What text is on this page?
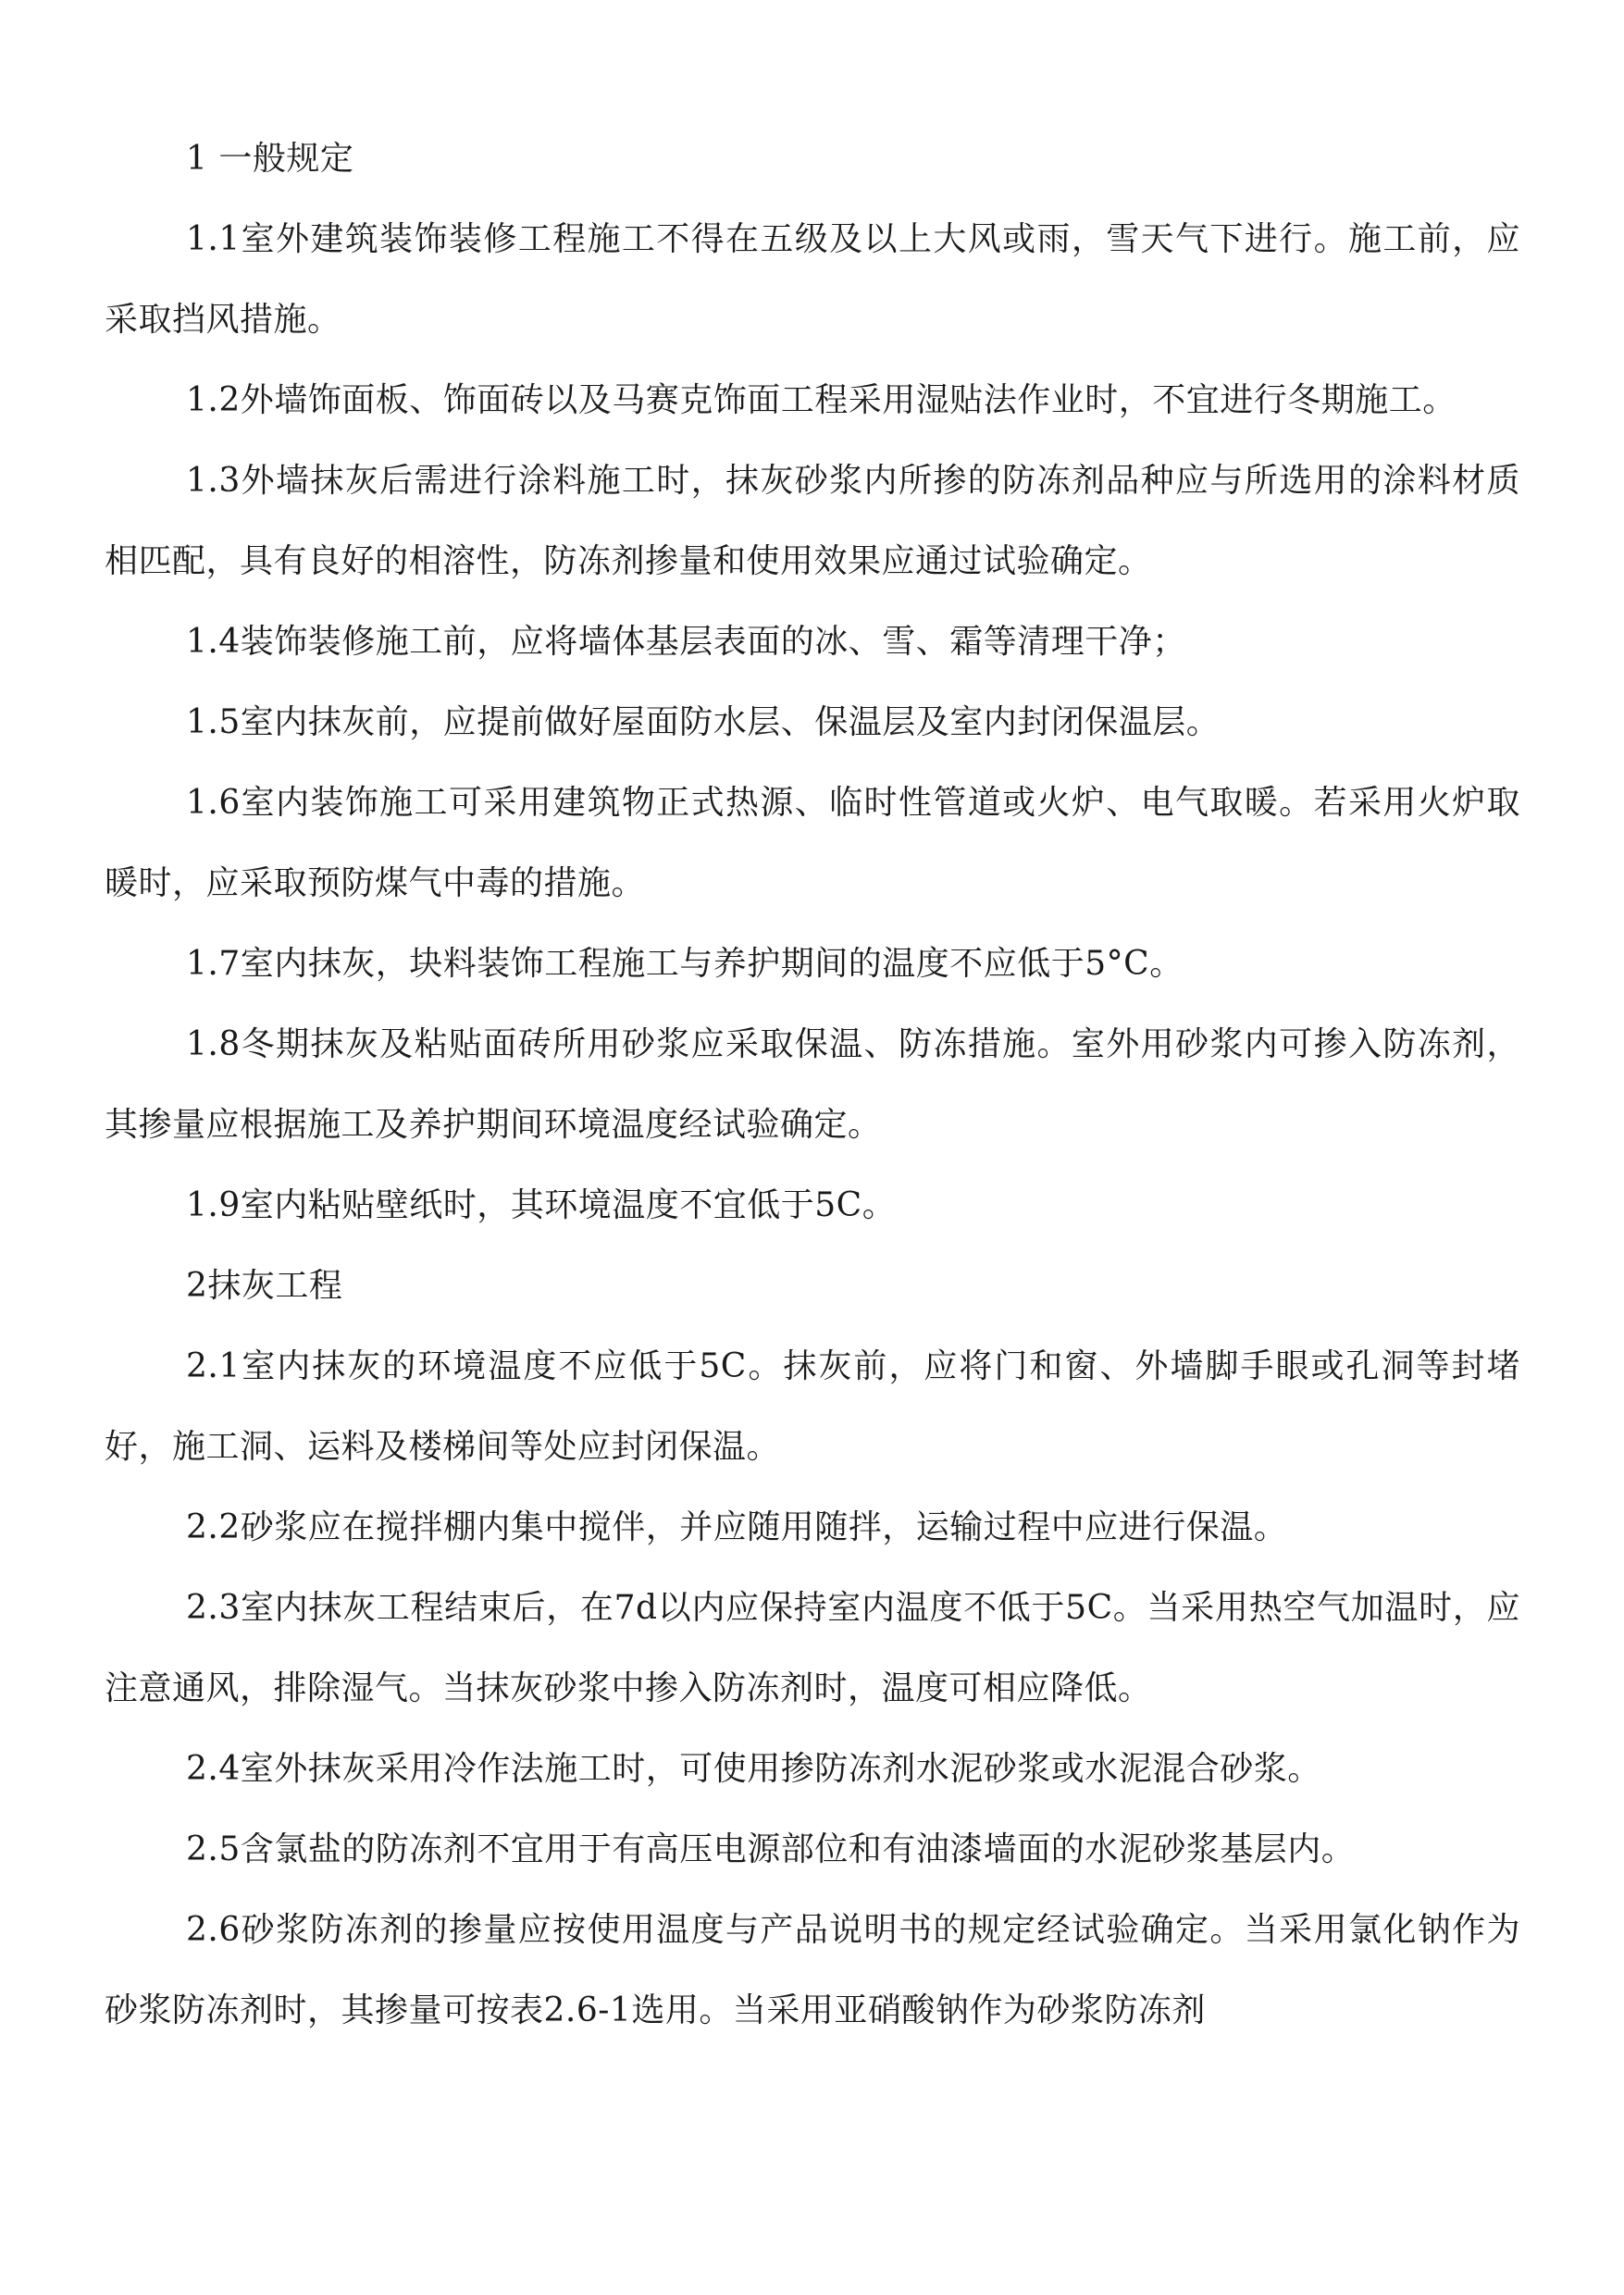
1 一般规定

1.1室外建筑装饰装修工程施工不得在五级及以上大风或雨，雪天气下进行。施工前，应采取挡风措施。

1.2外墙饰面板、饰面砖以及马赛克饰面工程采用湿贴法作业时，不宜进行冬期施工。

1.3外墙抹灰后需进行涂料施工时，抹灰砂浆内所掺的防冻剂品种应与所选用的涂料材质相匹配，具有良好的相溶性，防冻剂掺量和使用效果应通过试验确定。

1.4装饰装修施工前，应将墙体基层表面的冰、雪、霜等清理干净；

1.5室内抹灰前，应提前做好屋面防水层、保温层及室内封闭保温层。

1.6室内装饰施工可采用建筑物正式热源、临时性管道或火炉、电气取暖。若采用火炉取暖时，应采取预防煤气中毒的措施。

1.7室内抹灰，块料装饰工程施工与养护期间的温度不应低于5°C。

1.8冬期抹灰及粘贴面砖所用砂浆应采取保温、防冻措施。室外用砂浆内可掺入防冻剂，其掺量应根据施工及养护期间环境温度经试验确定。

1.9室内粘贴壁纸时，其环境温度不宜低于5C。

2抹灰工程

2.1室内抹灰的环境温度不应低于5C。抹灰前，应将门和窗、外墙脚手眼或孔洞等封堵好，施工洞、运料及楼梯间等处应封闭保温。

2.2砂浆应在搅拌棚内集中搅伴，并应随用随拌，运输过程中应进行保温。

2.3室内抹灰工程结束后，在7d以内应保持室内温度不低于5C。当采用热空气加温时，应注意通风，排除湿气。当抹灰砂浆中掺入防冻剂时，温度可相应降低。

2.4室外抹灰采用冷作法施工时，可使用掺防冻剂水泥砂浆或水泥混合砂浆。

2.5含氯盐的防冻剂不宜用于有高压电源部位和有油漆墙面的水泥砂浆基层内。

2.6砂浆防冻剂的掺量应按使用温度与产品说明书的规定经试验确定。当采用氯化钠作为砂浆防冻剂时，其掺量可按表2.6-1选用。当采用亚硝酸钠作为砂浆防冻剂
